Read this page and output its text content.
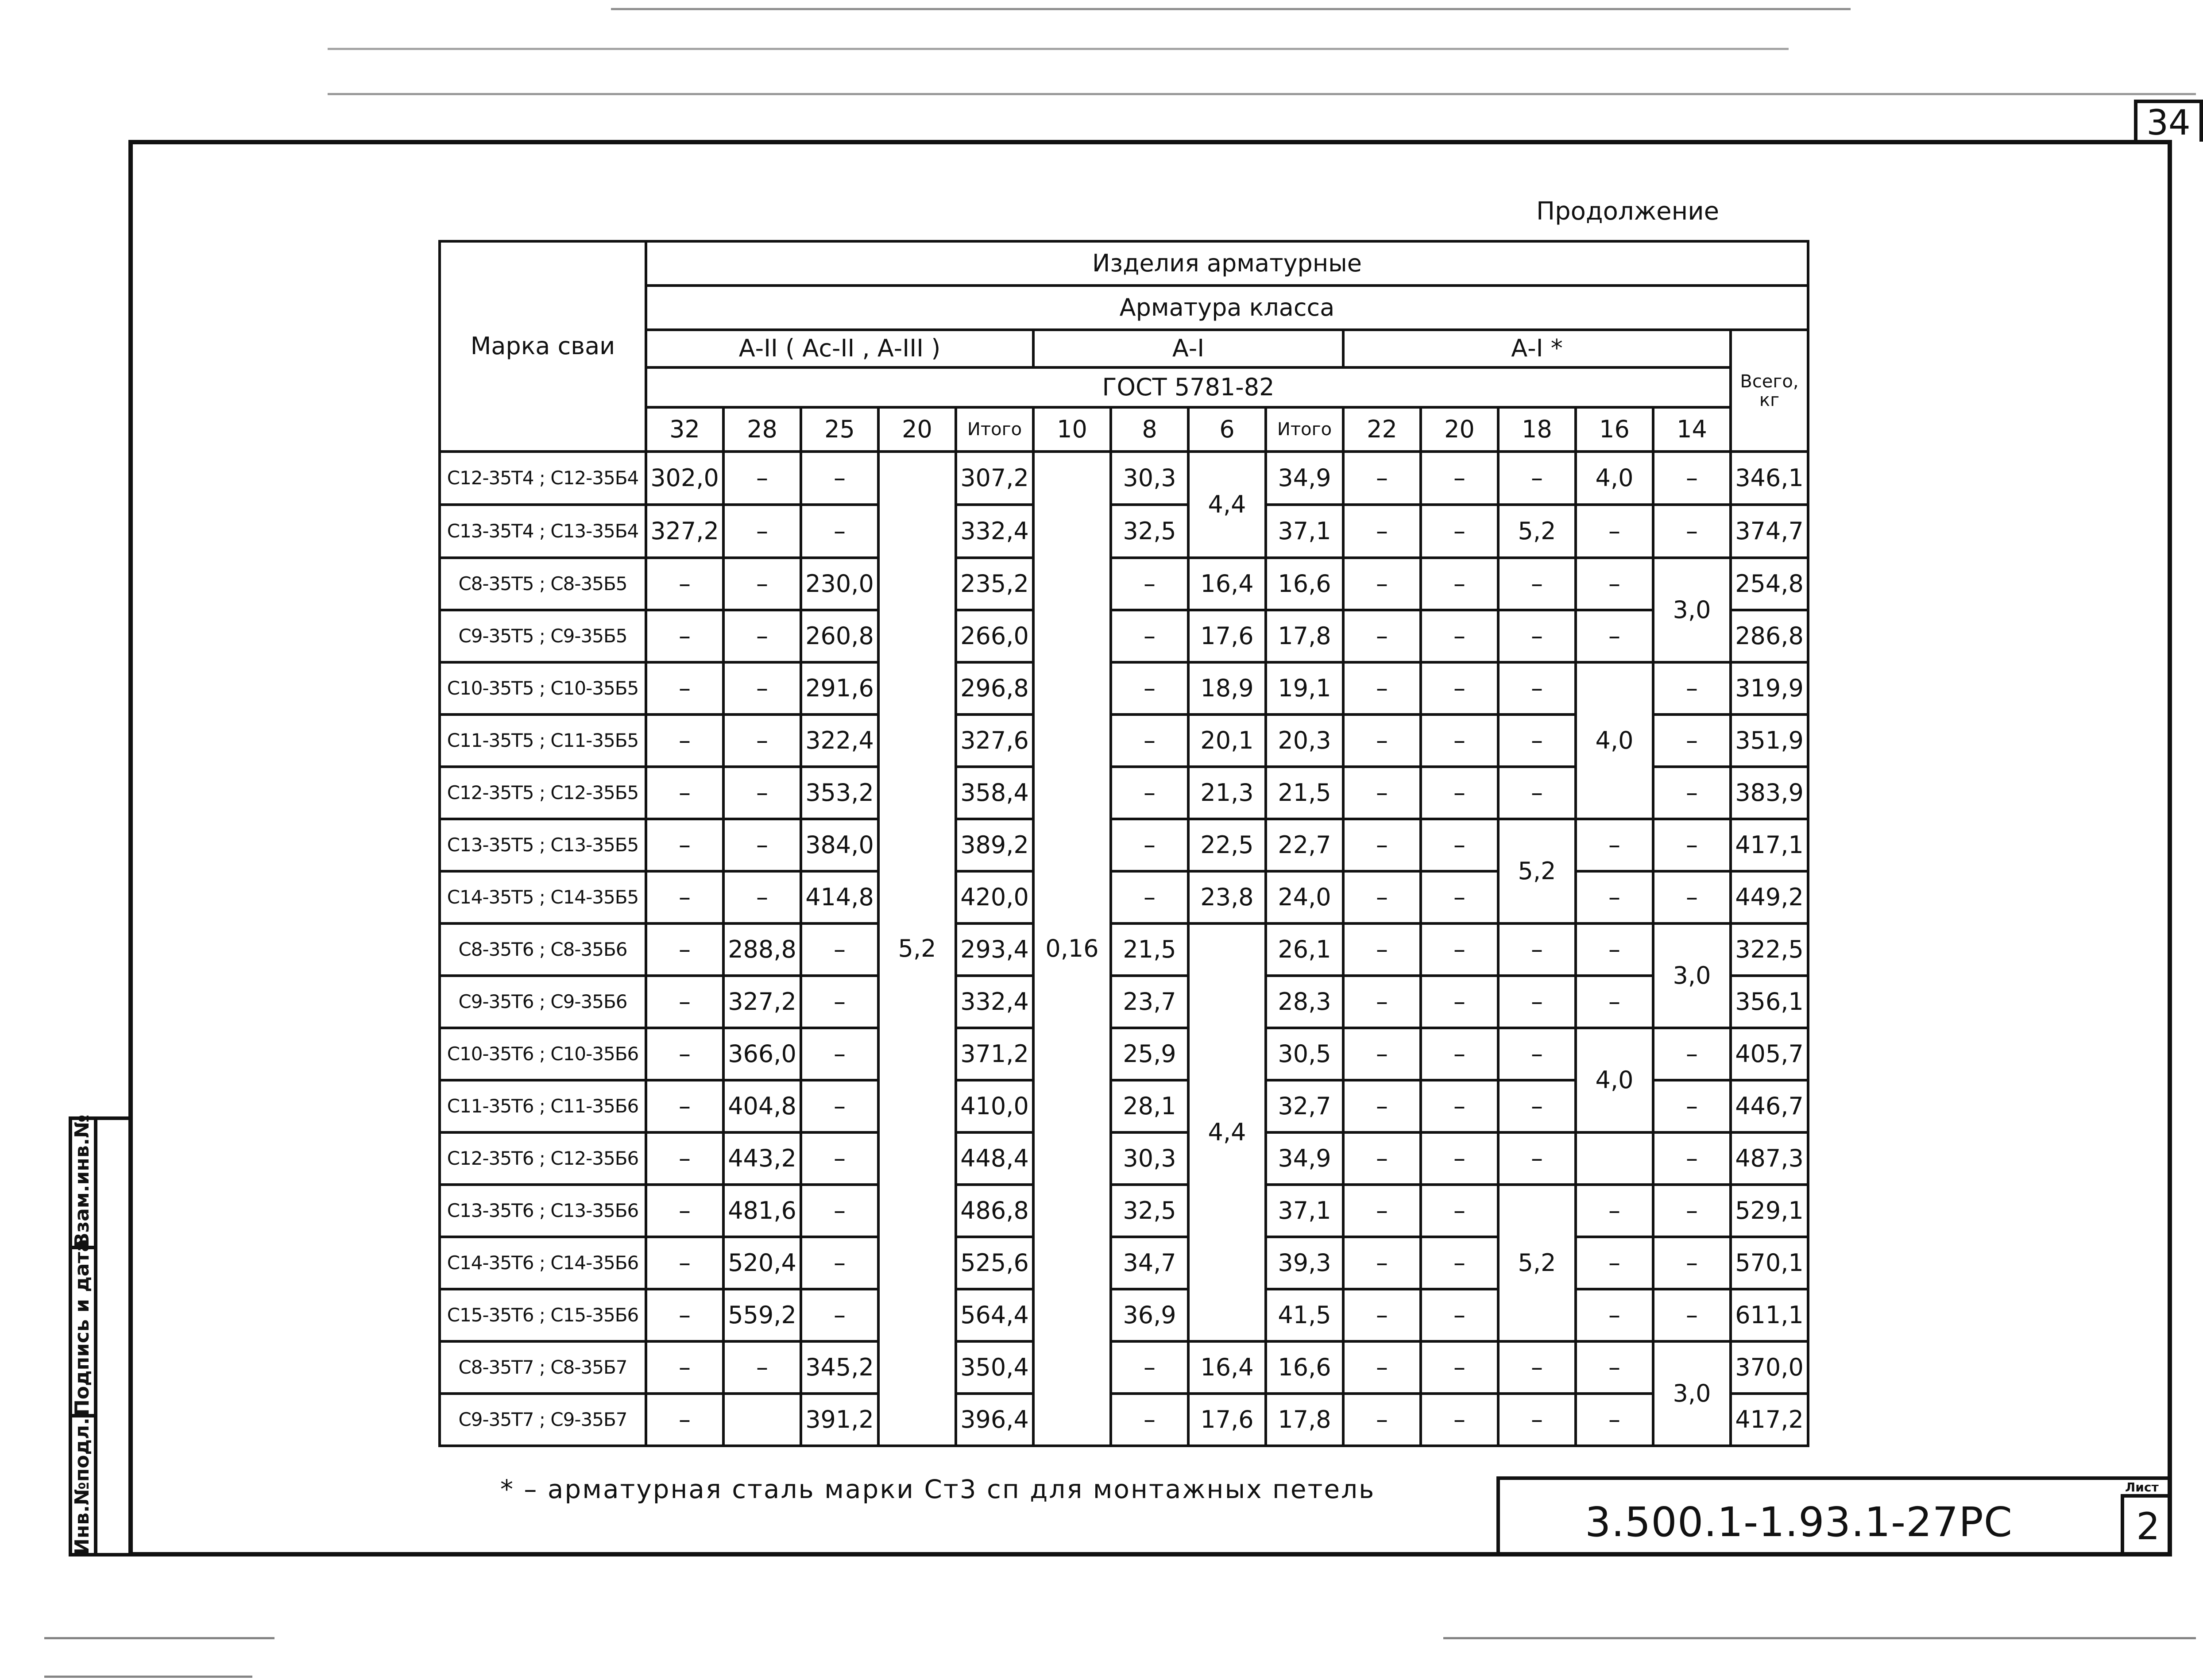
34
Продолжение
Марка сваи	Изделия арматурные														
	Арматура класса														
	А-II ( Ас-II , А-III )					А-I				А-I *					Всего, кг
	ГОСТ 5781-82														
	32	28	25	20	Итого	10	8	6	Итого	22	20	18	16	14	
С12-35Т4 ; С12-35Б4	302,0	–	–	5,2	307,2	0,16	30,3	4,4	34,9	–	–	–	4,0	–	346,1
С13-35Т4 ; С13-35Б4	327,2	–	–		332,4		32,5		37,1	–	–	5,2	–	–	374,7
С8-35Т5 ; С8-35Б5	–	–	230,0		235,2		–	16,4	16,6	–	–	–	–	3,0	254,8
С9-35Т5 ; С9-35Б5	–	–	260,8		266,0		–	17,6	17,8	–	–	–	–		286,8
С10-35Т5 ; С10-35Б5	–	–	291,6		296,8		–	18,9	19,1	–	–	–	4,0	–	319,9
С11-35Т5 ; С11-35Б5	–	–	322,4		327,6		–	20,1	20,3	–	–	–		–	351,9
С12-35Т5 ; С12-35Б5	–	–	353,2		358,4		–	21,3	21,5	–	–	–		–	383,9
С13-35Т5 ; С13-35Б5	–	–	384,0		389,2		–	22,5	22,7	–	–	5,2	–	–	417,1
С14-35Т5 ; С14-35Б5	–	–	414,8		420,0		–	23,8	24,0	–	–		–	–	449,2
С8-35Т6 ; С8-35Б6	–	288,8	–		293,4		21,5	4,4	26,1	–	–	–	–	3,0	322,5
С9-35Т6 ; С9-35Б6	–	327,2	–		332,4		23,7		28,3	–	–	–	–		356,1
С10-35Т6 ; С10-35Б6	–	366,0	–		371,2		25,9		30,5	–	–	–	4,0	–	405,7
С11-35Т6 ; С11-35Б6	–	404,8	–		410,0		28,1		32,7	–	–	–		–	446,7
С12-35Т6 ; С12-35Б6	–	443,2	–		448,4		30,3		34,9	–	–	–		–	487,3
С13-35Т6 ; С13-35Б6	–	481,6	–		486,8		32,5		37,1	–	–	5,2	–	–	529,1
С14-35Т6 ; С14-35Б6	–	520,4	–		525,6		34,7		39,3	–	–		–	–	570,1
С15-35Т6 ; С15-35Б6	–	559,2	–		564,4		36,9		41,5	–	–		–	–	611,1
С8-35Т7 ; С8-35Б7	–	–	345,2		350,4		–	16,4	16,6	–	–	–	–	3,0	370,0
С9-35Т7 ; С9-35Б7	–		391,2		396,4		–	17,6	17,8	–	–	–	–		417,2
* – арматурная сталь марки Ст3 сп для монтажных петель
3.500.1-1.93.1-27РС	2
Лист
Взам.инв.№
Подпись и дата
Инв.№подл.
